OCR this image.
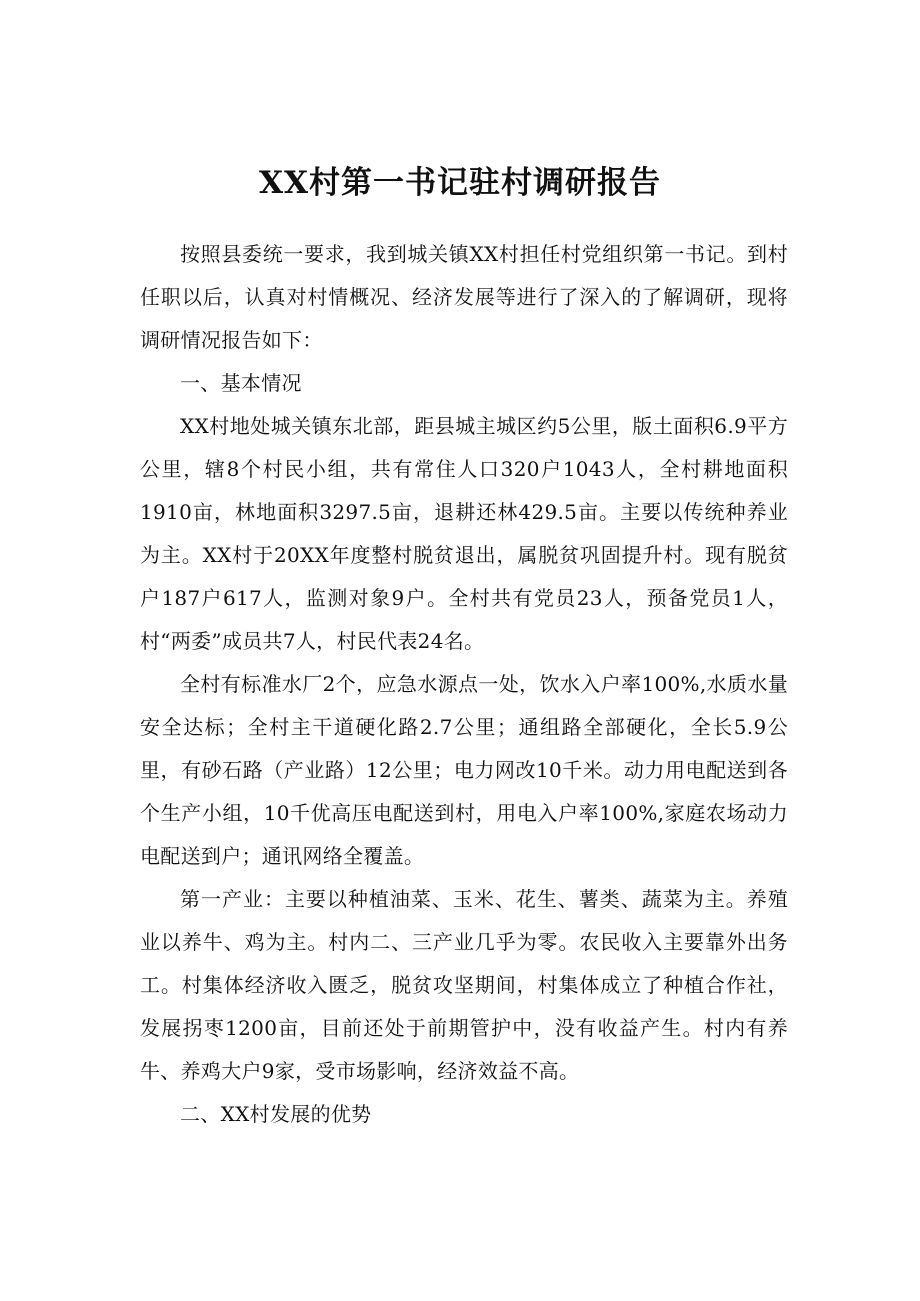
XX村第一书记驻村调研报告

按照县委统一要求，我到城关镇XX村担任村党组织第一书记。到村任职以后，认真对村情概况、经济发展等进行了深入的了解调研，现将调研情况报告如下：

一、基本情况

XX村地处城关镇东北部，距县城主城区约5公里，版土面积6.9平方公里，辖8个村民小组，共有常住人口320户1043人，全村耕地面积1910亩，林地面积3297.5亩，退耕还林429.5亩。主要以传统种养业为主。XX村于20XX年度整村脱贫退出，属脱贫巩固提升村。现有脱贫户187户617人，监测对象9户。全村共有党员23人，预备党员1人，村“两委”成员共7人，村民代表24名。

全村有标准水厂2个，应急水源点一处，饮水入户率100%,水质水量安全达标；全村主干道硬化路2.7公里；通组路全部硬化，全长5.9公里，有砂石路（产业路）12公里；电力网改10千米。动力用电配送到各个生产小组，10千优高压电配送到村，用电入户率100%,家庭农场动力电配送到户；通讯网络全覆盖。

第一产业：主要以种植油菜、玉米、花生、薯类、蔬菜为主。养殖业以养牛、鸡为主。村内二、三产业几乎为零。农民收入主要靠外出务工。村集体经济收入匮乏，脱贫攻坚期间，村集体成立了种植合作社，发展拐枣1200亩，目前还处于前期管护中，没有收益产生。村内有养牛、养鸡大户9家，受市场影响，经济效益不高。

二、XX村发展的优势
